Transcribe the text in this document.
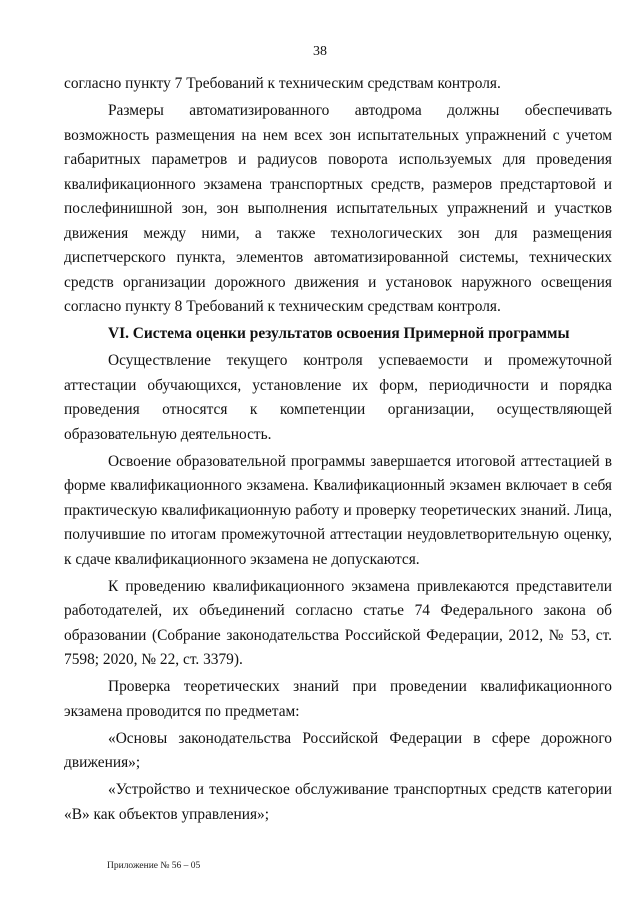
38

согласно пункту 7 Требований к техническим средствам контроля.

Размеры автоматизированного автодрома должны обеспечивать возможность размещения на нем всех зон испытательных упражнений с учетом габаритных параметров и радиусов поворота используемых для проведения квалификационного экзамена транспортных средств, размеров предстартовой и послефинишной зон, зон выполнения испытательных упражнений и участков движения между ними, а также технологических зон для размещения диспетчерского пункта, элементов автоматизированной системы, технических средств организации дорожного движения и установок наружного освещения согласно пункту 8 Требований к техническим средствам контроля.

VI. Система оценки результатов освоения Примерной программы

Осуществление текущего контроля успеваемости и промежуточной аттестации обучающихся, установление их форм, периодичности и порядка проведения относятся к компетенции организации, осуществляющей образовательную деятельность.

Освоение образовательной программы завершается итоговой аттестацией в форме квалификационного экзамена. Квалификационный экзамен включает в себя практическую квалификационную работу и проверку теоретических знаний. Лица, получившие по итогам промежуточной аттестации неудовлетворительную оценку, к сдаче квалификационного экзамена не допускаются.

К проведению квалификационного экзамена привлекаются представители работодателей, их объединений согласно статье 74 Федерального закона об образовании (Собрание законодательства Российской Федерации, 2012, № 53, ст. 7598; 2020, № 22, ст. 3379).

Проверка теоретических знаний при проведении квалификационного экзамена проводится по предметам:

«Основы законодательства Российской Федерации в сфере дорожного движения»;

«Устройство и техническое обслуживание транспортных средств категории «В» как объектов управления»;

Приложение № 56 – 05
